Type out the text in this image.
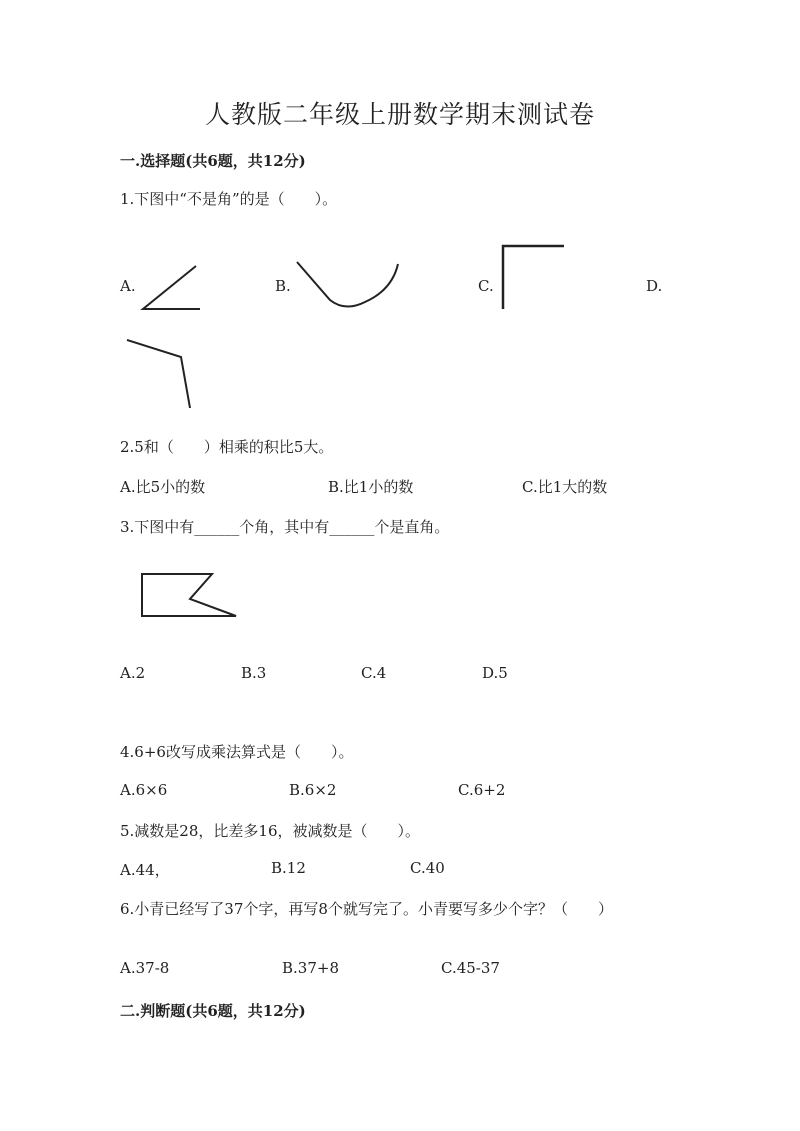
人教版二年级上册数学期末测试卷
一.选择题(共6题，共12分)
1.下图中“不是角”的是（　　）。
A.	B.	C.	D.
2.5和（　　）相乘的积比5大。
A.比5小的数	B.比1小的数	C.比1大的数
3.下图中有______个角，其中有______个是直角。
A.2	B.3	C.4	D.5
4.6+6改写成乘法算式是（　　）。
A.6×6	B.6×2	C.6+2
5.减数是28，比差多16，被减数是（　　）。
A.44，	B.12	C.40
6.小青已经写了37个字，再写8个就写完了。小青要写多少个字？（　　）
A.37-8	B.37+8	C.45-37
二.判断题(共6题，共12分)
